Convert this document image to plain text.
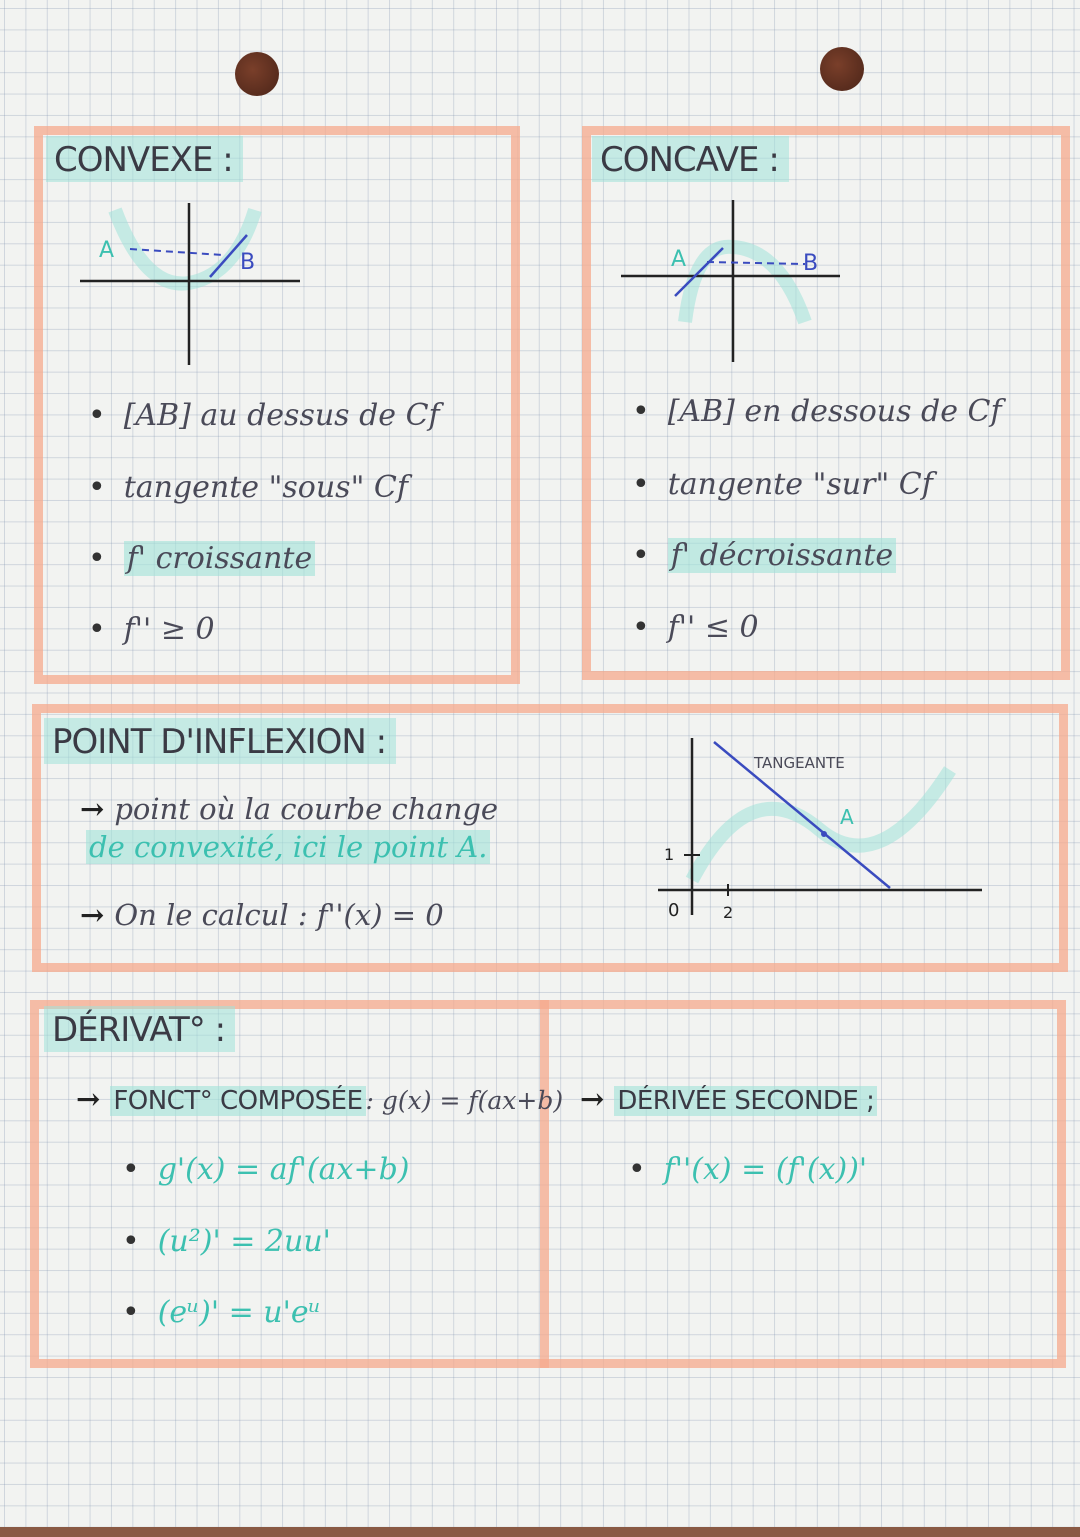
CONVEXE :
A	B
• [AB] au dessus de Cf
• tangente "sous" Cf
• f' croissante
• f'' ≥ 0
CONCAVE :
A	B
• [AB] en dessous de Cf
• tangente "sur" Cf
• f' décroissante
• f'' ≤ 0
POINT D'INFLEXION :
→ point où la courbe change
de convexité, ici le point A.
→ On le calcul : f''(x) = 0
TANGEANTE
A
1
0	2
DÉRIVAT° :
→ FONCT° COMPOSÉE : g(x) = f(ax+b)
• g'(x) = af'(ax+b)
• (u²)' = 2uu'
• (eᵘ)' = u'eᵘ
→ DÉRIVÉE SECONDE ;
• f''(x) = (f'(x))'
